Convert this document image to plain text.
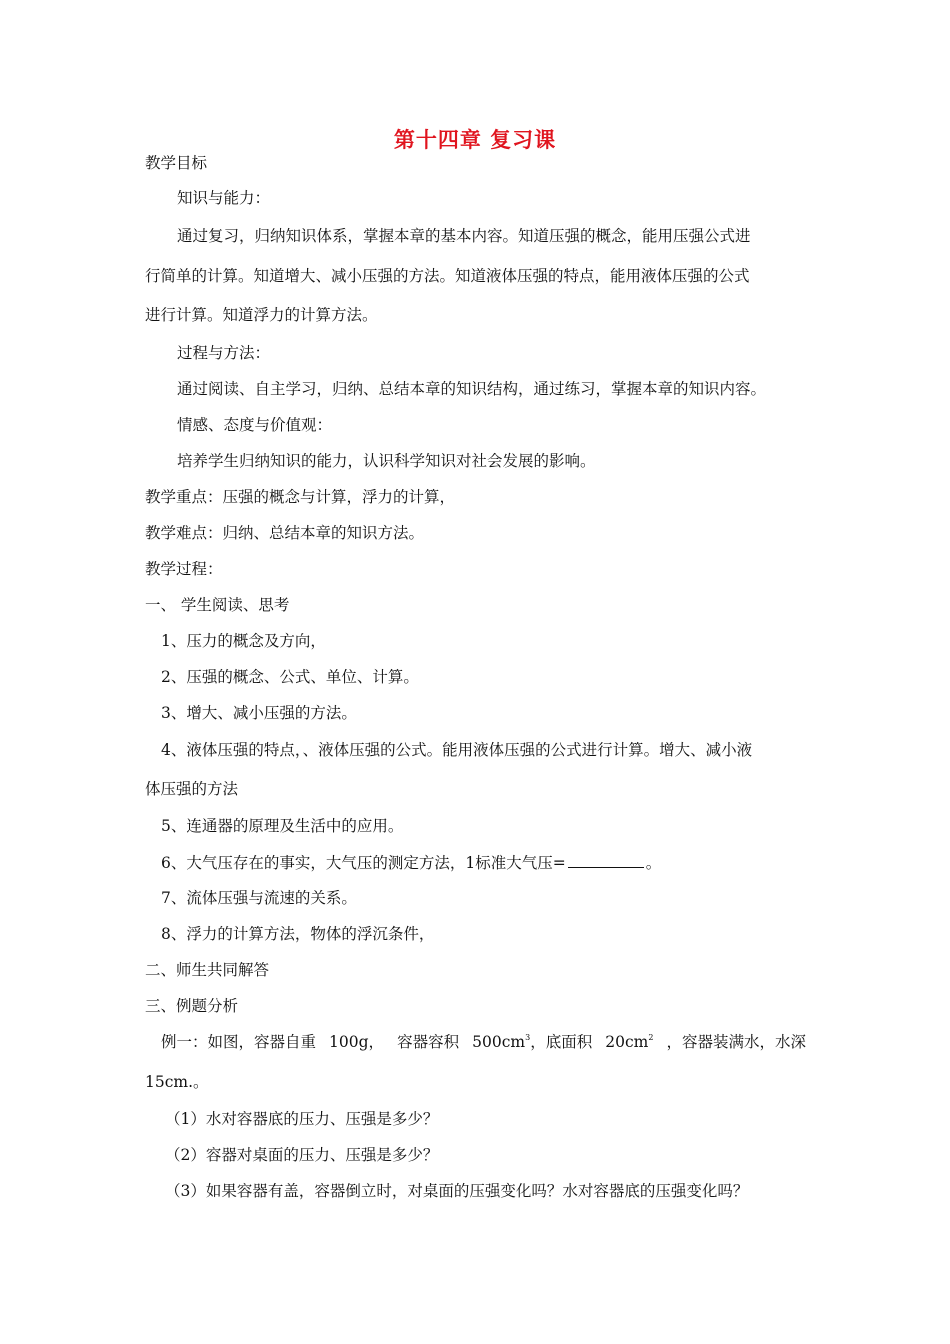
第十四章 复习课
教学目标
知识与能力：
通过复习，归纳知识体系，掌握本章的基本内容。知道压强的概念，能用压强公式进
行简单的计算。知道增大、减小压强的方法。知道液体压强的特点，能用液体压强的公式
进行计算。知道浮力的计算方法。
过程与方法：
通过阅读、自主学习，归纳、总结本章的知识结构，通过练习，掌握本章的知识内容。
情感、态度与价值观：
培养学生归纳知识的能力，认识科学知识对社会发展的影响。
教学重点：压强的概念与计算，浮力的计算，
教学难点：归纳、总结本章的知识方法。
教学过程：
一、 学生阅读、思考
1、压力的概念及方向，
2、压强的概念、公式、单位、计算。
3、增大、减小压强的方法。
4、液体压强的特点，、液体压强的公式。能用液体压强的公式进行计算。增大、减小液
体压强的方法
5、连通器的原理及生活中的应用。
6、大气压存在的事实，大气压的测定方法，1标准大气压=	。
7、流体压强与流速的关系。
8、浮力的计算方法，物体的浮沉条件，
二、师生共同解答
三、例题分析
例一：如图，容器自重 100g， 容器容积 $500cm^3$，底面积 $20cm^2$ ，容器装满水，水深
15cm.。
（1）水对容器底的压力、压强是多少？
（2）容器对桌面的压力、压强是多少？
（3）如果容器有盖，容器倒立时，对桌面的压强变化吗？水对容器底的压强变化吗？
